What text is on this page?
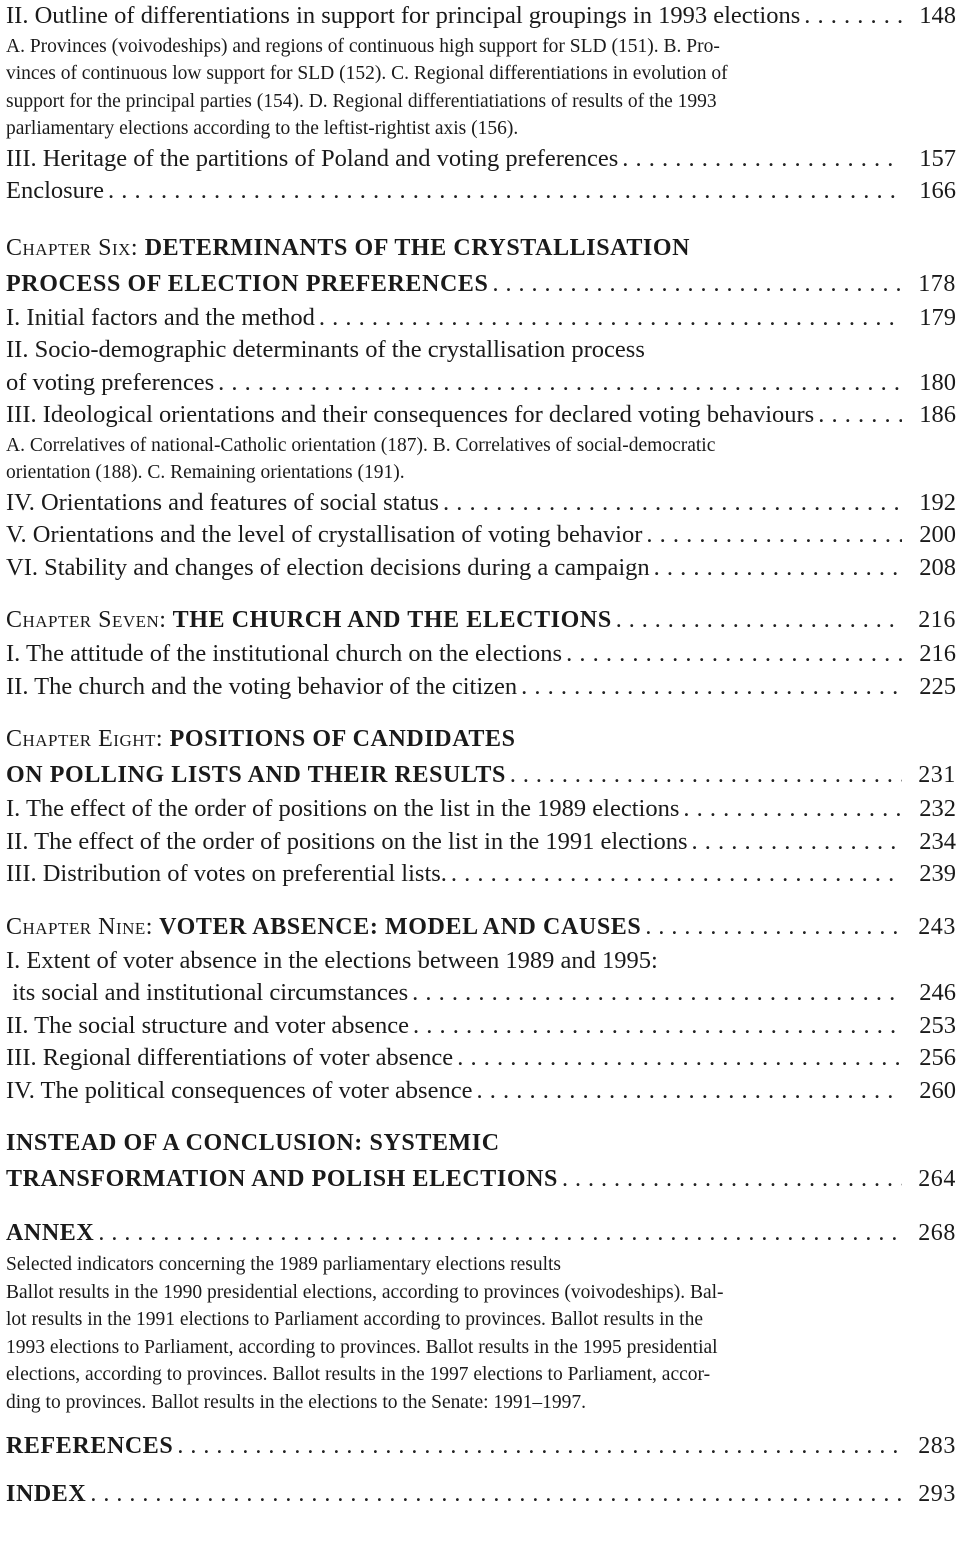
II. Outline of differentiations in support for principal groupings in 1993 elections . . .	148
A. Provinces (voivodeships) and regions of continuous high support for SLD (151). B. Pro-
vinces of continuous low support for SLD (152). C. Regional differentiations in evolution of
support for the principal parties (154). D. Regional differentiatiations of results of the 1993
parliamentary elections according to the leftist-rightist axis (156).
III. Heritage of the partitions of Poland and voting preferences . . .	157
Enclosure . . .	166
Chapter Six: DETERMINANTS OF THE CRYSTALLISATION
PROCESS OF ELECTION PREFERENCES . . .	178
I. Initial factors and the method . . .	179
II. Socio-demographic determinants of the crystallisation process
of voting preferences . . .	180
III. Ideological orientations and their consequences for declared voting behaviours . . .	186
A. Correlatives of national-Catholic orientation (187). B. Correlatives of social-democratic
orientation (188). C. Remaining orientations (191).
IV. Orientations and features of social status . . .	192
V. Orientations and the level of crystallisation of voting behavior . . .	200
VI. Stability and changes of election decisions during a campaign . . .	208
Chapter Seven: THE CHURCH AND THE ELECTIONS . . .	216
I. The attitude of the institutional church on the elections . . .	216
II. The church and the voting behavior of the citizen . . .	225
Chapter Eight: POSITIONS OF CANDIDATES
ON POLLING LISTS AND THEIR RESULTS . . .	231
I. The effect of the order of positions on the list in the 1989 elections . . .	232
II. The effect of the order of positions on the list in the 1991 elections . . .	234
III. Distribution of votes on preferential lists. . . .	239
Chapter Nine: VOTER ABSENCE: MODEL AND CAUSES . . .	243
I. Extent of voter absence in the elections between 1989 and 1995:
its social and institutional circumstances . . .	246
II. The social structure and voter absence . . .	253
III. Regional differentiations of voter absence . . .	256
IV. The political consequences of voter absence . . .	260
INSTEAD OF A CONCLUSION: SYSTEMIC
TRANSFORMATION AND POLISH ELECTIONS . . .	264
ANNEX . . .	268
Selected indicators concerning the 1989 parliamentary elections results
Ballot results in the 1990 presidential elections, according to provinces (voivodeships). Bal-
lot results in the 1991 elections to Parliament according to provinces. Ballot results in the
1993 elections to Parliament, according to provinces. Ballot results in the 1995 presidential
elections, according to provinces. Ballot results in the 1997 elections to Parliament, accor-
ding to provinces. Ballot results in the elections to the Senate: 1991–1997.
REFERENCES . . .	283
INDEX . . .	293
